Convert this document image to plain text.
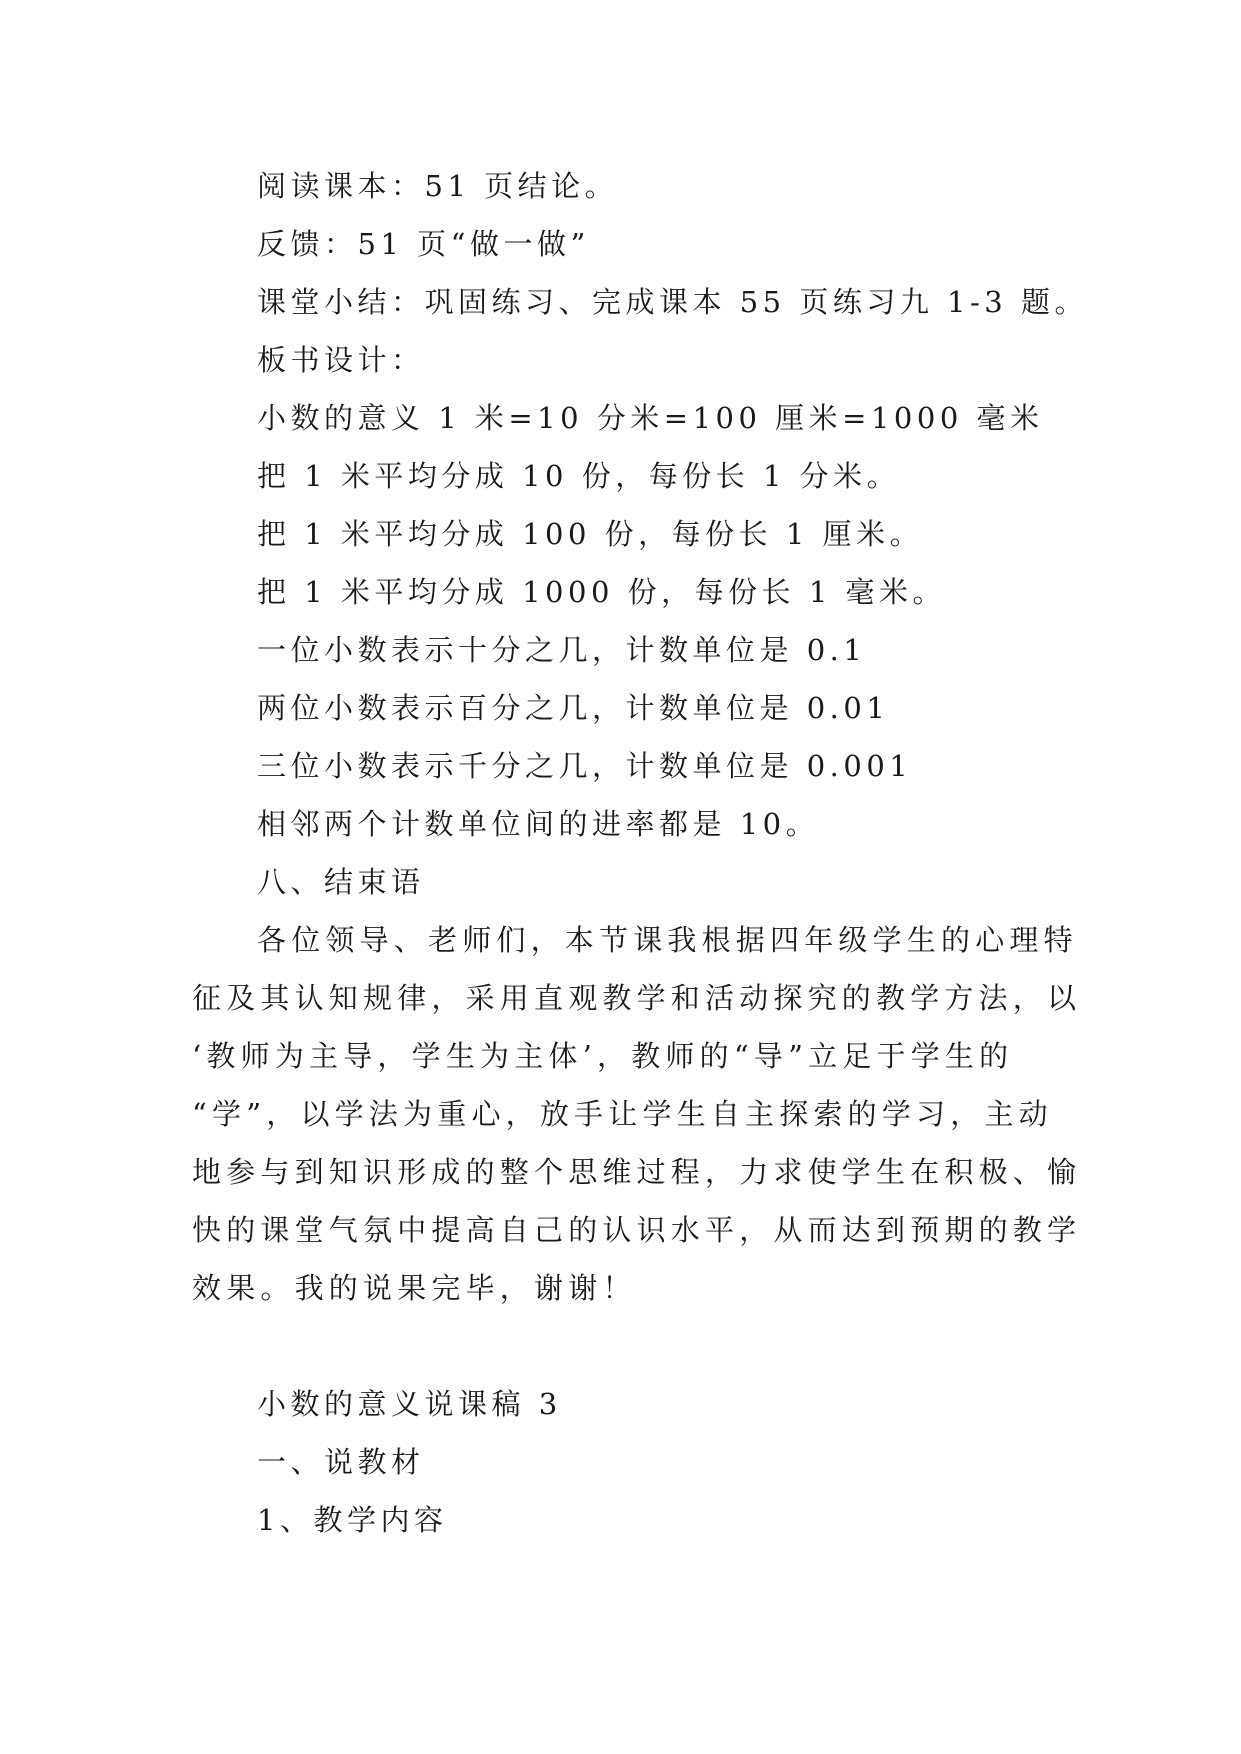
阅读课本：51 页结论。
反馈：51 页“做一做”
课堂小结：巩固练习、完成课本 55 页练习九 1-3 题。
板书设计：
小数的意义 1 米=10 分米=100 厘米=1000 毫米
把 1 米平均分成 10 份，每份长 1 分米。
把 1 米平均分成 100 份，每份长 1 厘米。
把 1 米平均分成 1000 份，每份长 1 毫米。
一位小数表示十分之几，计数单位是 0.1
两位小数表示百分之几，计数单位是 0.01
三位小数表示千分之几，计数单位是 0.001
相邻两个计数单位间的进率都是 10。
八、结束语
各位领导、老师们，本节课我根据四年级学生的心理特
征及其认知规律，采用直观教学和活动探究的教学方法，以
‘教师为主导，学生为主体’，教师的“导”立足于学生的
“学”，以学法为重心，放手让学生自主探索的学习，主动
地参与到知识形成的整个思维过程，力求使学生在积极、愉
快的课堂气氛中提高自己的认识水平，从而达到预期的教学
效果。我的说果完毕，谢谢！
小数的意义说课稿 3
一、说教材
1、教学内容
